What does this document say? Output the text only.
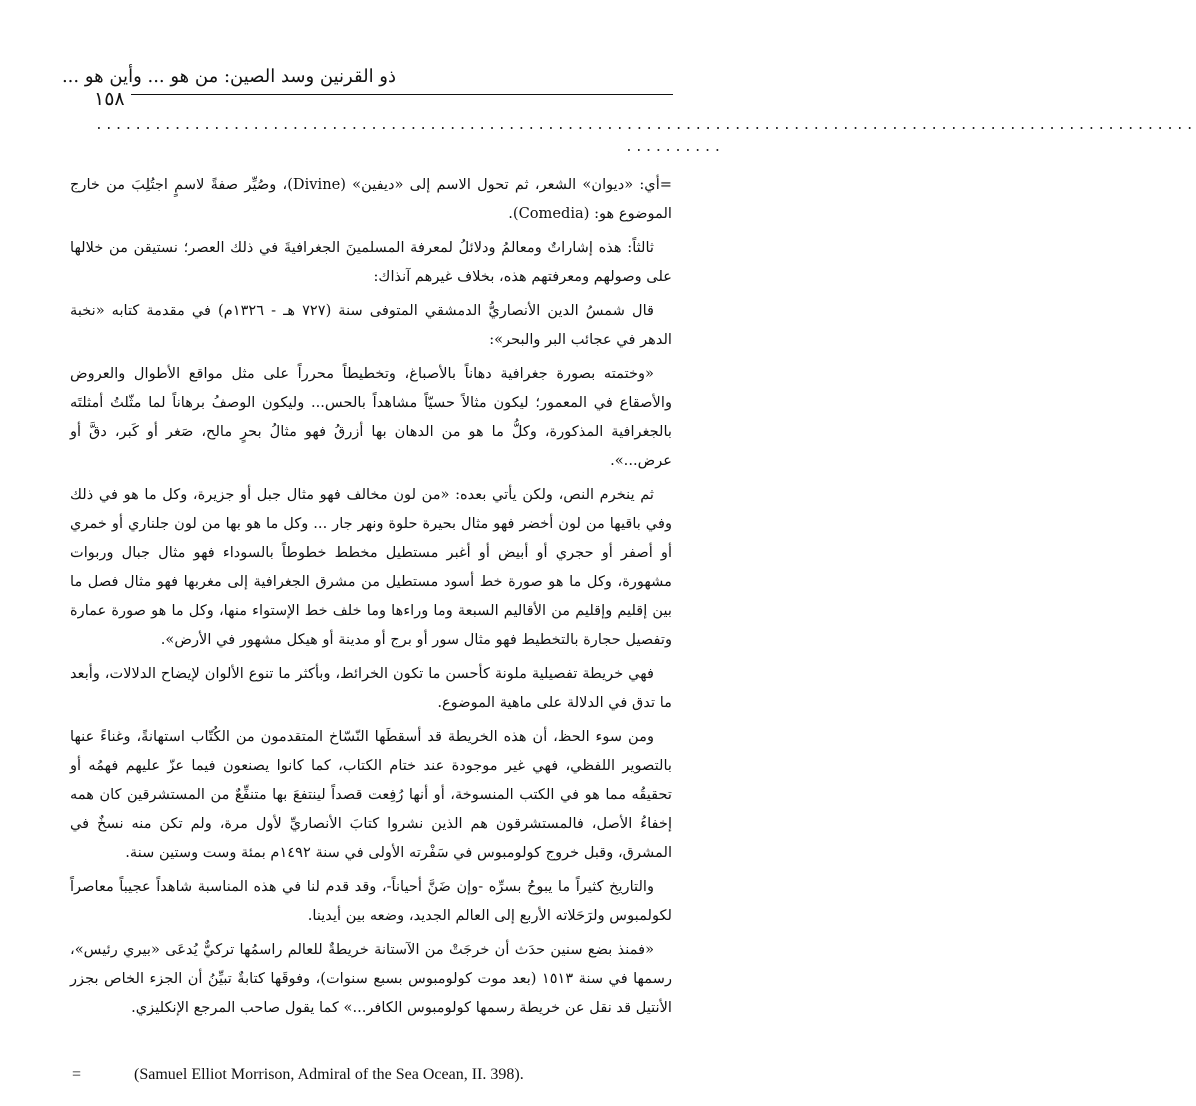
ذو القرنين وسد الصين: من هو ... وأين هو ...
١٥٨
................................................................................................................
..........

=أي: «ديوان» الشعر، ثم تحول الاسم إلى «ديفين» (Divine)، وصُيِّر صفةً لاسمٍ اجتُلِبَ من خارج الموضوع هو: (Comedia).

ثالثاً: هذه إشاراتٌ ومعالمُ ودلائلُ لمعرفة المسلمينَ الجغرافيةَ في ذلك العصر؛ نستيقن من خلالها على وصولهم ومعرفتهم هذه، بخلاف غيرهم آنذاك:

قال شمسُ الدين الأنصاريُّ الدمشقي المتوفى سنة (٧٢٧ هـ - ١٣٢٦م) في مقدمة كتابه «نخبة الدهر في عجائب البر والبحر»:

«وختمته بصورة جغرافية دهاناً بالأصباغ، وتخطيطاً محرراً على مثل مواقع الأطوال والعروض والأصقاع في المعمور؛ ليكون مثالاً حسيّاً مشاهداً بالحس... وليكون الوصفُ برهاناً لما مثّلتُ أمثلتَه بالجغرافية المذكورة، وكلُّ ما هو من الدهان بها أزرقُ فهو مثالُ بحرٍ مالح، صَغر أو كَبر، دقَّ أو عرض...».

ثم ينخرم النص، ولكن يأتي بعده: «من لون مخالف فهو مثال جبل أو جزيرة، وكل ما هو في ذلك وفي باقيها من لون أخضر فهو مثال بحيرة حلوة ونهر جار ... وكل ما هو بها من لون جلناري أو خمري أو أصفر أو حجري أو أبيض أو أغبر مستطيل مخطط خطوطاً بالسوداء فهو مثال جبال وربوات مشهورة، وكل ما هو صورة خط أسود مستطيل من مشرق الجغرافية إلى مغربها فهو مثال فصل ما بين إقليم وإقليم من الأقاليم السبعة وما وراءها وما خلف خط الإستواء منها، وكل ما هو صورة عمارة وتفصيل حجارة بالتخطيط فهو مثال سور أو برج أو مدينة أو هيكل مشهور في الأرض».

فهي خريطة تفصيلية ملونة كأحسن ما تكون الخرائط، وبأكثر ما تنوع الألوان لإيضاح الدلالات، وأبعد ما تدق في الدلالة على ماهية الموضوع.

ومن سوء الحظ، أن هذه الخريطة قد أسقطَها النّسّاخ المتقدمون من الكُتّاب استهانةً، وغناءً عنها بالتصوير اللفظي، فهي غير موجودة عند ختام الكتاب، كما كانوا يصنعون فيما عزّ عليهم فهمُه أو تحقيقُه مما هو في الكتب المنسوخة، أو أنها رُفِعت قصداً لينتفعَ بها متنفِّعٌ من المستشرقين كان همه إخفاءُ الأصل، فالمستشرقون هم الذين نشروا كتابَ الأنصاريِّ لأول مرة، ولم تكن منه نسخٌ في المشرق، وقبل خروج كولومبوس في سَفْرته الأولى في سنة ١٤٩٢م بمئة وست وستين سنة.

والتاريخ كثيراً ما يبوحُ بسرِّه -وإن ضَنَّ أحياناً-، وقد قدم لنا في هذه المناسبة شاهداً عجيباً معاصراً لكولمبوس ولرَحَلاته الأربع إلى العالم الجديد، وضعه بين أيدينا.

«فمنذ بضع سنين حدَث أن خرجَتْ من الآستانة خريطةٌ للعالم راسمُها تركيٌّ يُدعَى «بيري رئيس»، رسمها في سنة ١٥١٣ (بعد موت كولومبوس بسبع سنوات)، وفوقَها كتابةٌ تبيِّنُ أن الجزء الخاص بجزر الأنتيل قد نقل عن خريطة رسمها كولومبوس الكافر...» كما يقول صاحب المرجع الإنكليزي.

=	(Samuel Elliot Morrison, Admiral of the Sea Ocean, II. 398).
